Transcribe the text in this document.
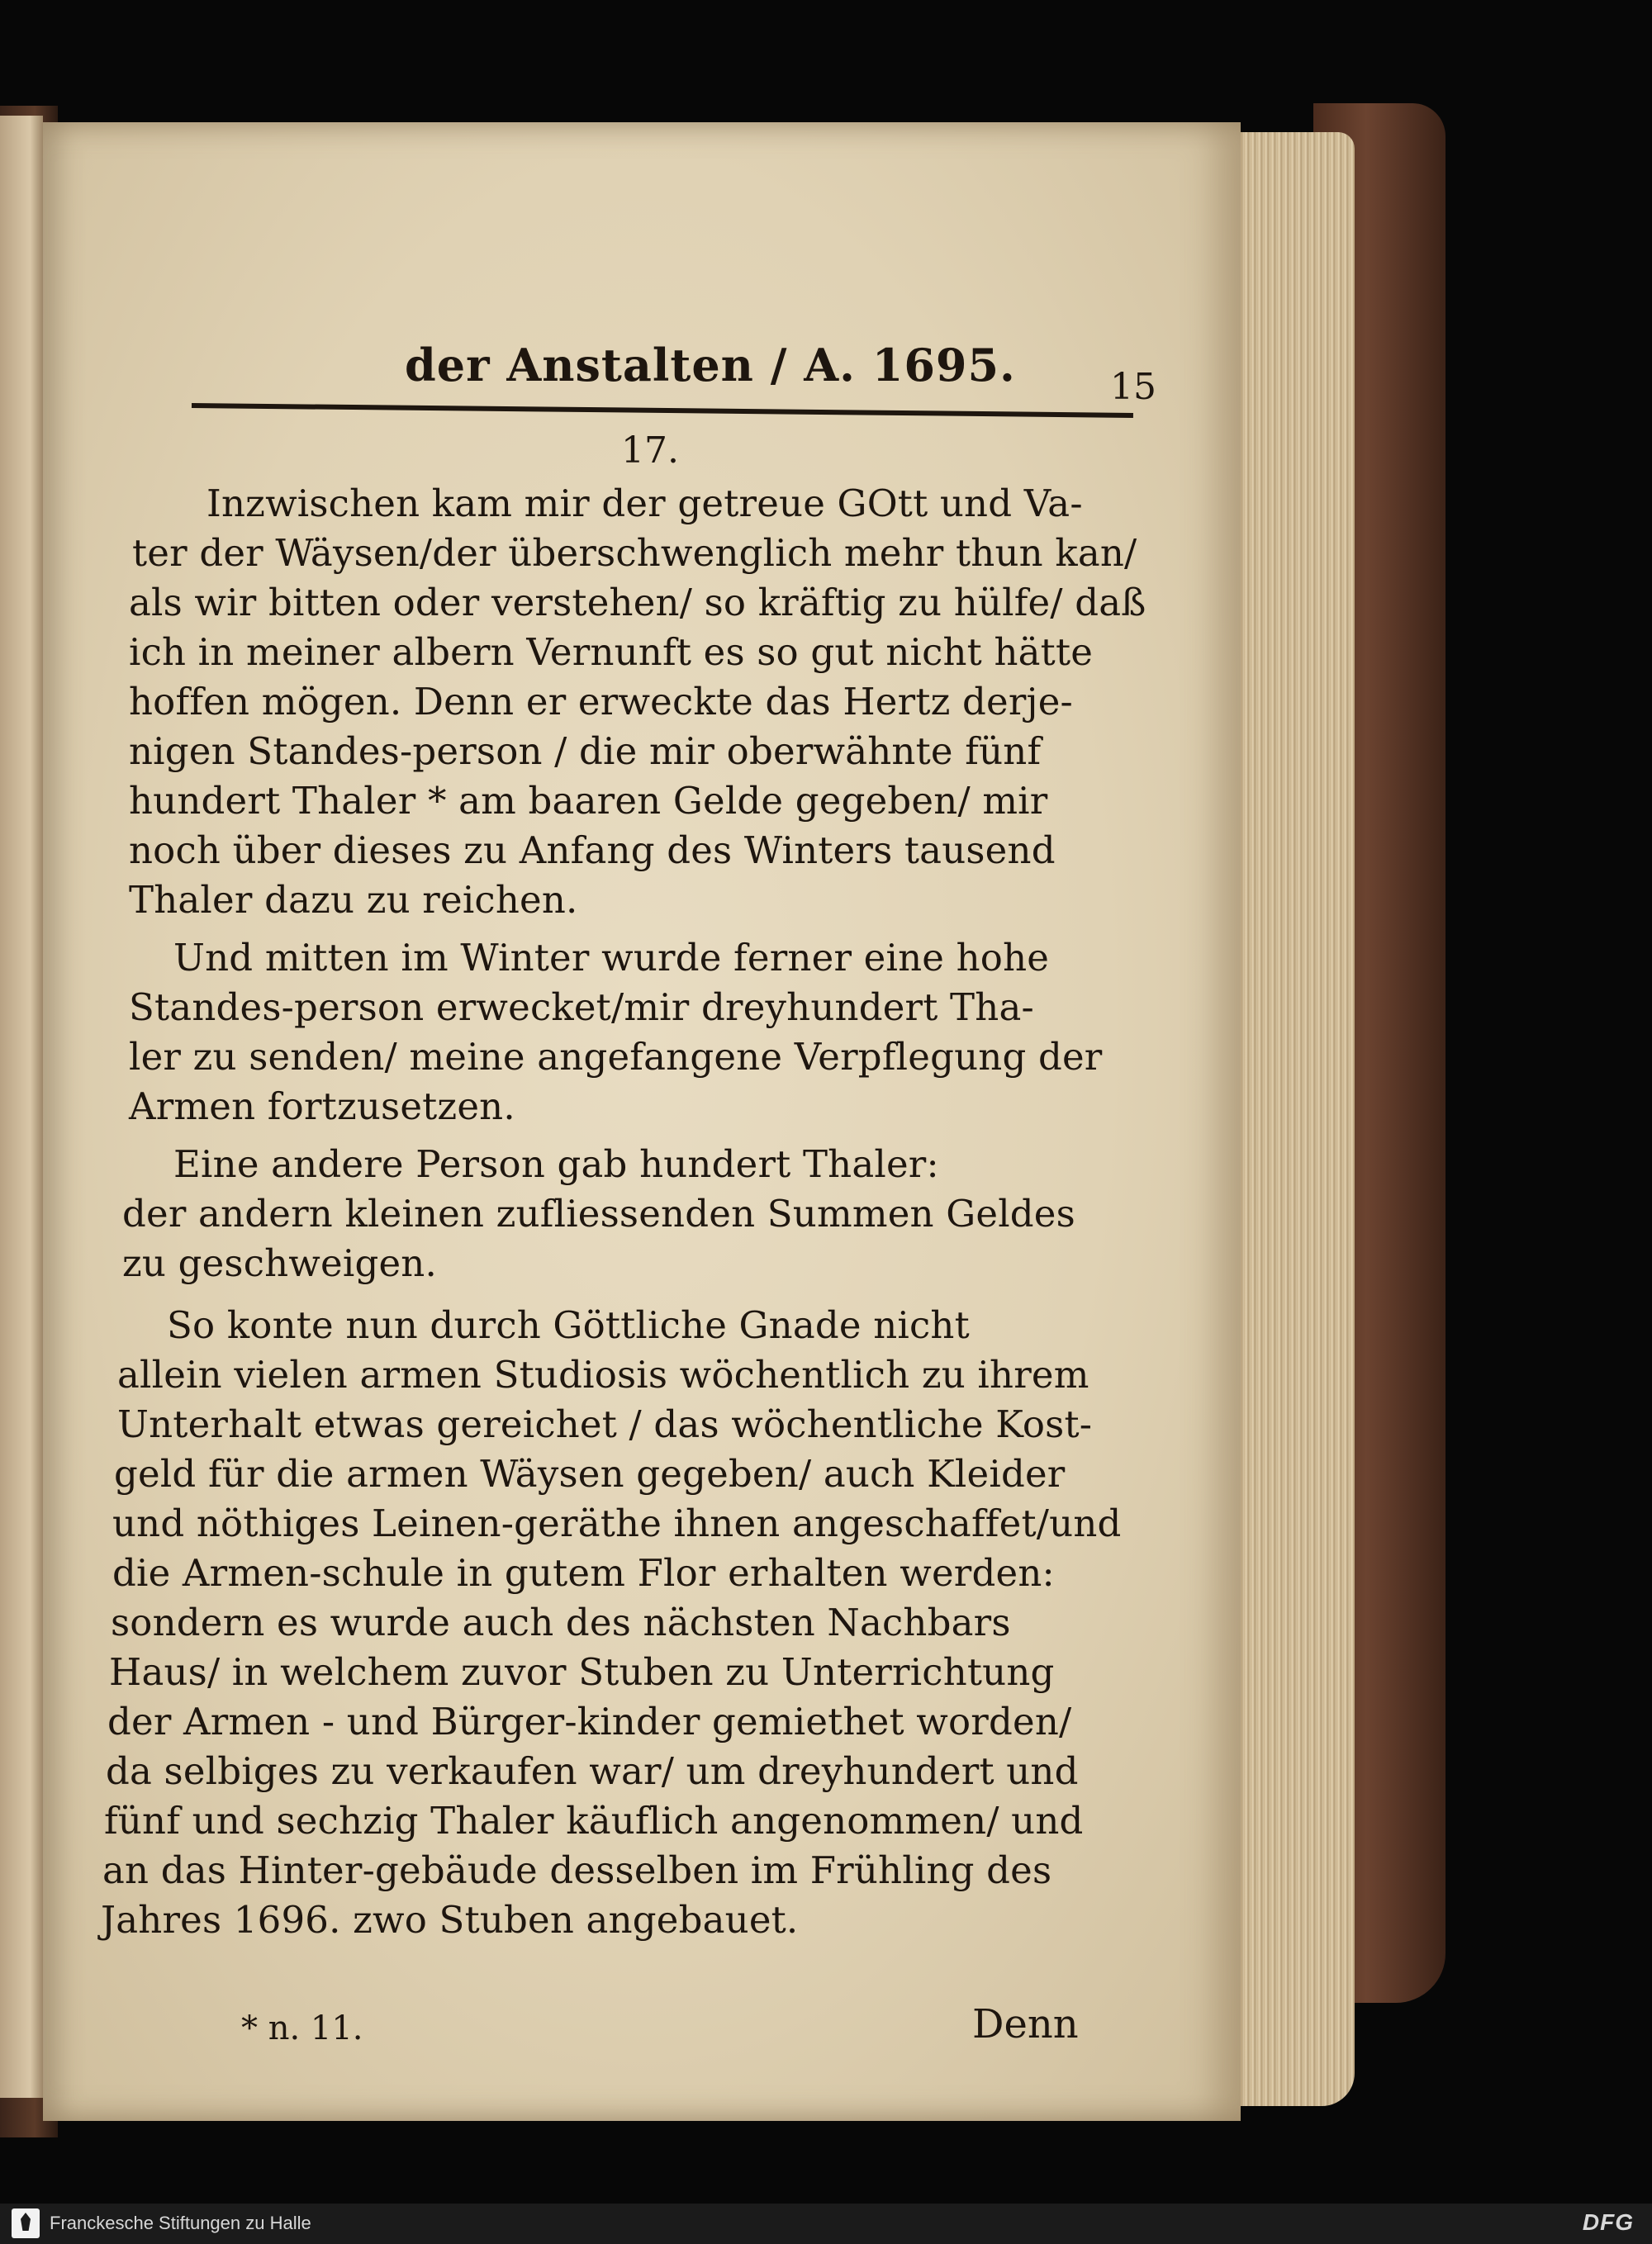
der Anstalten / A. 1695.	15
17.
Inzwischen kam mir der getreue GOtt und Va-
ter der Wäysen/der überschwenglich mehr thun kan/
als wir bitten oder verstehen/ so kräftig zu hülfe/ daß
ich in meiner albern Vernunft es so gut nicht hätte
hoffen mögen. Denn er erweckte das Hertz derje-
nigen Standes-person / die mir oberwähnte fünf
hundert Thaler * am baaren Gelde gegeben/ mir
noch über dieses zu Anfang des Winters tausend
Thaler dazu zu reichen.
Und mitten im Winter wurde ferner eine hohe
Standes-person erwecket/mir dreyhundert Tha-
ler zu senden/ meine angefangene Verpflegung der
Armen fortzusetzen.
Eine andere Person gab hundert Thaler:
der andern kleinen zufliessenden Summen Geldes
zu geschweigen.
So konte nun durch Göttliche Gnade nicht
allein vielen armen Studiosis wöchentlich zu ihrem
Unterhalt etwas gereichet / das wöchentliche Kost-
geld für die armen Wäysen gegeben/ auch Kleider
und nöthiges Leinen-geräthe ihnen angeschaffet/und
die Armen-schule in gutem Flor erhalten werden:
sondern es wurde auch des nächsten Nachbars
Haus/ in welchem zuvor Stuben zu Unterrichtung
der Armen - und Bürger-kinder gemiethet worden/
da selbiges zu verkaufen war/ um dreyhundert und
fünf und sechzig Thaler käuflich angenommen/ und
an das Hinter-gebäude desselben im Frühling des
Jahres 1696. zwo Stuben angebauet.
* n. 11.	Denn
Franckesche Stiftungen zu Halle	DFG
